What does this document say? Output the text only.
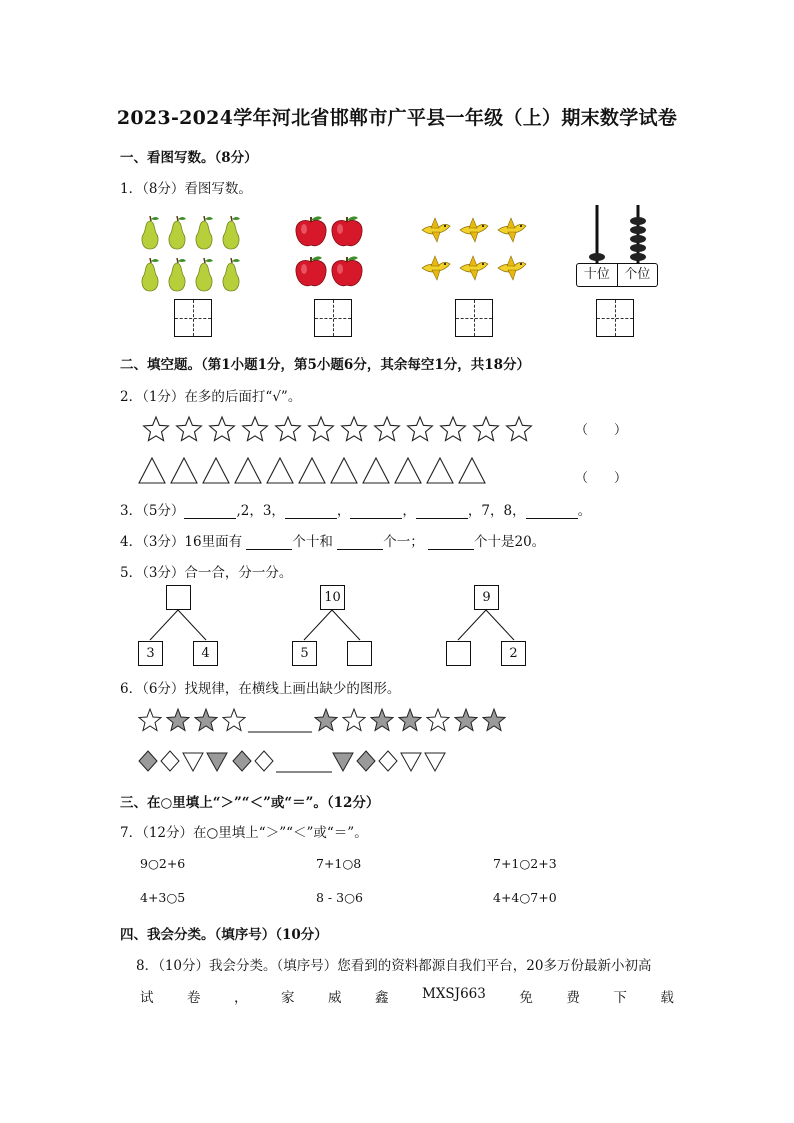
2023-2024学年河北省邯郸市广平县一年级（上）期末数学试卷
一、看图写数。（8分）
1．（8分）看图写数。
十位	个位
二、填空题。（第1小题1分，第5小题6分，其余每空1分，共18分）
2．（1分）在多的后面打“√”。
（　　）
（　　）
3．（5分）	,2，3，	，	，	，7，8，	。
4．（3分）16里面有	个十和	个一；	个十是20。
5．（3分）合一合，分一分。
3	4
10
5
9
2
6．（6分）找规律，在横线上画出缺少的图形。
三、在○里填上“＞”“＜”或“＝”。（12分）
7．（12分）在○里填上“＞”“＜”或“＝”。
9○2+6	7+1○8	7+1○2+3
4+3○5	8 - 3○6	4+4○7+0
四、我会分类。（填序号）（10分）
8．（10分）我会分类。（填序号）您看到的资料都源自我们平台，20多万份最新小初高
试 卷 ， 家 威 鑫 MXSJ663 免 费 下 载
